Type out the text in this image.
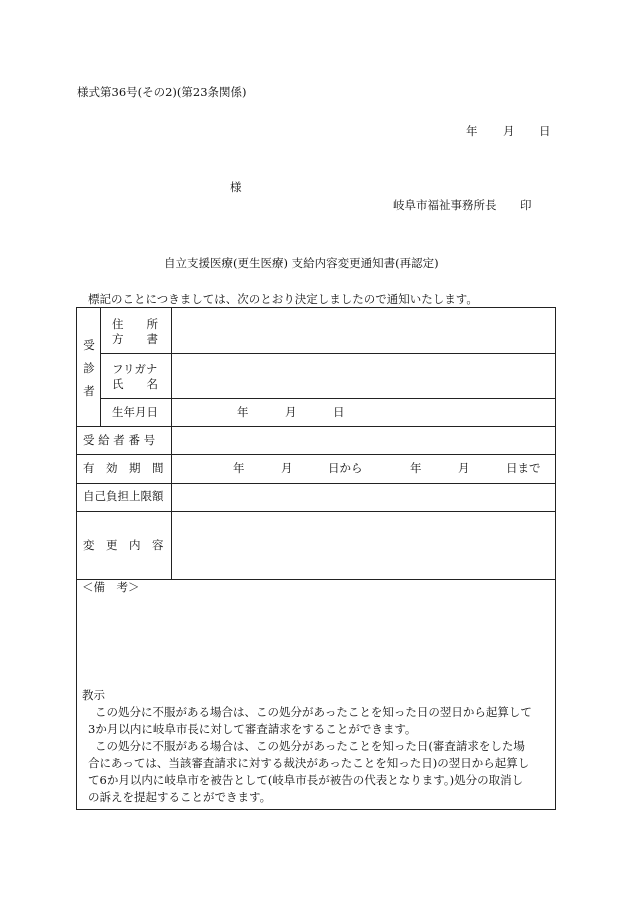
様式第36号(その2)(第23条関係)
年 月 日
様
岐阜市福祉事務所長 印
自立支援医療(更生医療) 支給内容変更通知書(再認定)
標記のことにつきましては、次のとおり決定しましたので通知いたします。
受
診
者
住　　所
方　　書
フリガナ
氏　　名
生年月日	年	月	日
受 給 者 番 号
有　効　期　間	年	月	日から	年	月	日まで
自己負担上限額
変　更　内　容
＜備　考＞

教示

この処分に不服がある場合は、この処分があったことを知った日の翌日から起算して

3か月以内に岐阜市長に対して審査請求をすることができます。

この処分に不服がある場合は、この処分があったことを知った日(審査請求をした場

合にあっては、当該審査請求に対する裁決があったことを知った日)の翌日から起算し

て6か月以内に岐阜市を被告として(岐阜市長が被告の代表となります。)処分の取消し

の訴えを提起することができます。
